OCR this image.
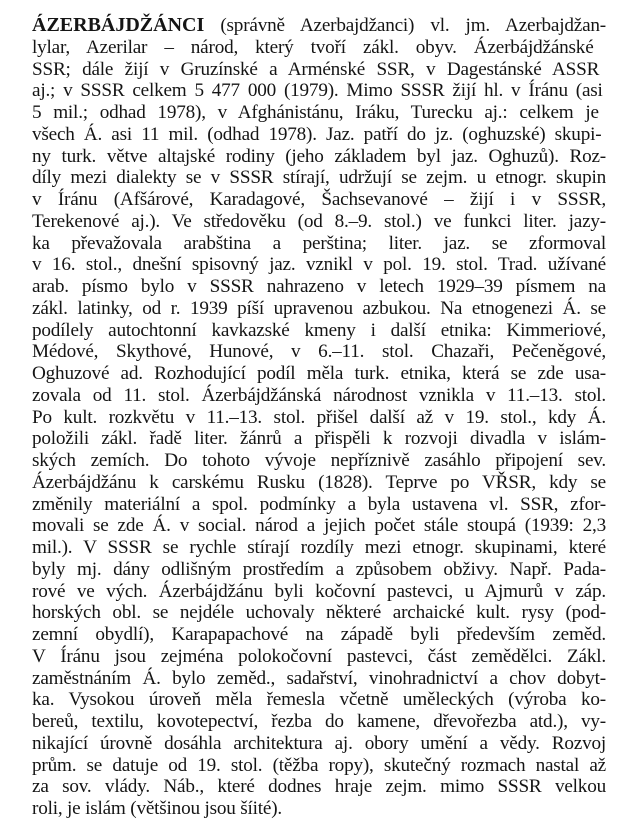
ÁZERBÁJDŽÁNCI (správně Azerbajdžanci) vl. jm. Azerbajdžan-
lylar, Azerilar – národ, který tvoří zákl. obyv. Ázerbájdžánské
SSR; dále žijí v Gruzínské a Arménské SSR, v Dagestánské ASSR
aj.; v SSSR celkem 5 477 000 (1979). Mimo SSSR žijí hl. v Íránu (asi
5 mil.; odhad 1978), v Afghánistánu, Iráku, Turecku aj.: celkem je
všech Á. asi 11 mil. (odhad 1978). Jaz. patří do jz. (oghuzské) skupi-
ny turk. větve altajské rodiny (jeho základem byl jaz. Oghuzů). Roz-
díly mezi dialekty se v SSSR stírají, udržují se zejm. u etnogr. skupin
v Íránu (Afšárové, Karadagové, Šachsevanové – žijí i v SSSR,
Terekenové aj.). Ve středověku (od 8.–9. stol.) ve funkci liter. jazy-
ka převažovala arabština a perština; liter. jaz. se zformoval
v 16. stol., dnešní spisovný jaz. vznikl v pol. 19. stol. Trad. užívané
arab. písmo bylo v SSSR nahrazeno v letech 1929–39 písmem na
zákl. latinky, od r. 1939 píší upravenou azbukou. Na etnogenezi Á. se
podílely autochtonní kavkazské kmeny i další etnika: Kimmeriové,
Médové, Skythové, Hunové, v 6.–11. stol. Chazaři, Pečeněgové,
Oghuzové ad. Rozhodující podíl měla turk. etnika, která se zde usa-
zovala od 11. stol. Ázerbájdžánská národnost vznikla v 11.–13. stol.
Po kult. rozkvětu v 11.–13. stol. přišel další až v 19. stol., kdy Á.
položili zákl. řadě liter. žánrů a přispěli k rozvoji divadla v islám-
ských zemích. Do tohoto vývoje nepříznivě zasáhlo připojení sev.
Ázerbájdžánu k carskému Rusku (1828). Teprve po VŘSR, kdy se
změnily materiální a spol. podmínky a byla ustavena vl. SSR, zfor-
movali se zde Á. v social. národ a jejich počet stále stoupá (1939: 2,3
mil.). V SSSR se rychle stírají rozdíly mezi etnogr. skupinami, které
byly mj. dány odlišným prostředím a způsobem obživy. Např. Pada-
rové ve vých. Ázerbájdžánu byli kočovní pastevci, u Ajmurů v záp.
horských obl. se nejdéle uchovaly některé archaické kult. rysy (pod-
zemní obydlí), Karapapachové na západě byli především zeměd.
V Íránu jsou zejména polokočovní pastevci, část zemědělci. Zákl.
zaměstnáním Á. bylo zeměd., sadařství, vinohradnictví a chov dobyt-
ka. Vysokou úroveň měla řemesla včetně uměleckých (výroba ko-
bereů, textilu, kovotepectví, řezba do kamene, dřevořezba atd.), vy-
nikající úrovně dosáhla architektura aj. obory umění a vědy. Rozvoj
prům. se datuje od 19. stol. (těžba ropy), skutečný rozmach nastal až
za sov. vlády. Náb., které dodnes hraje zejm. mimo SSSR velkou
roli, je islám (většinou jsou šíité).
